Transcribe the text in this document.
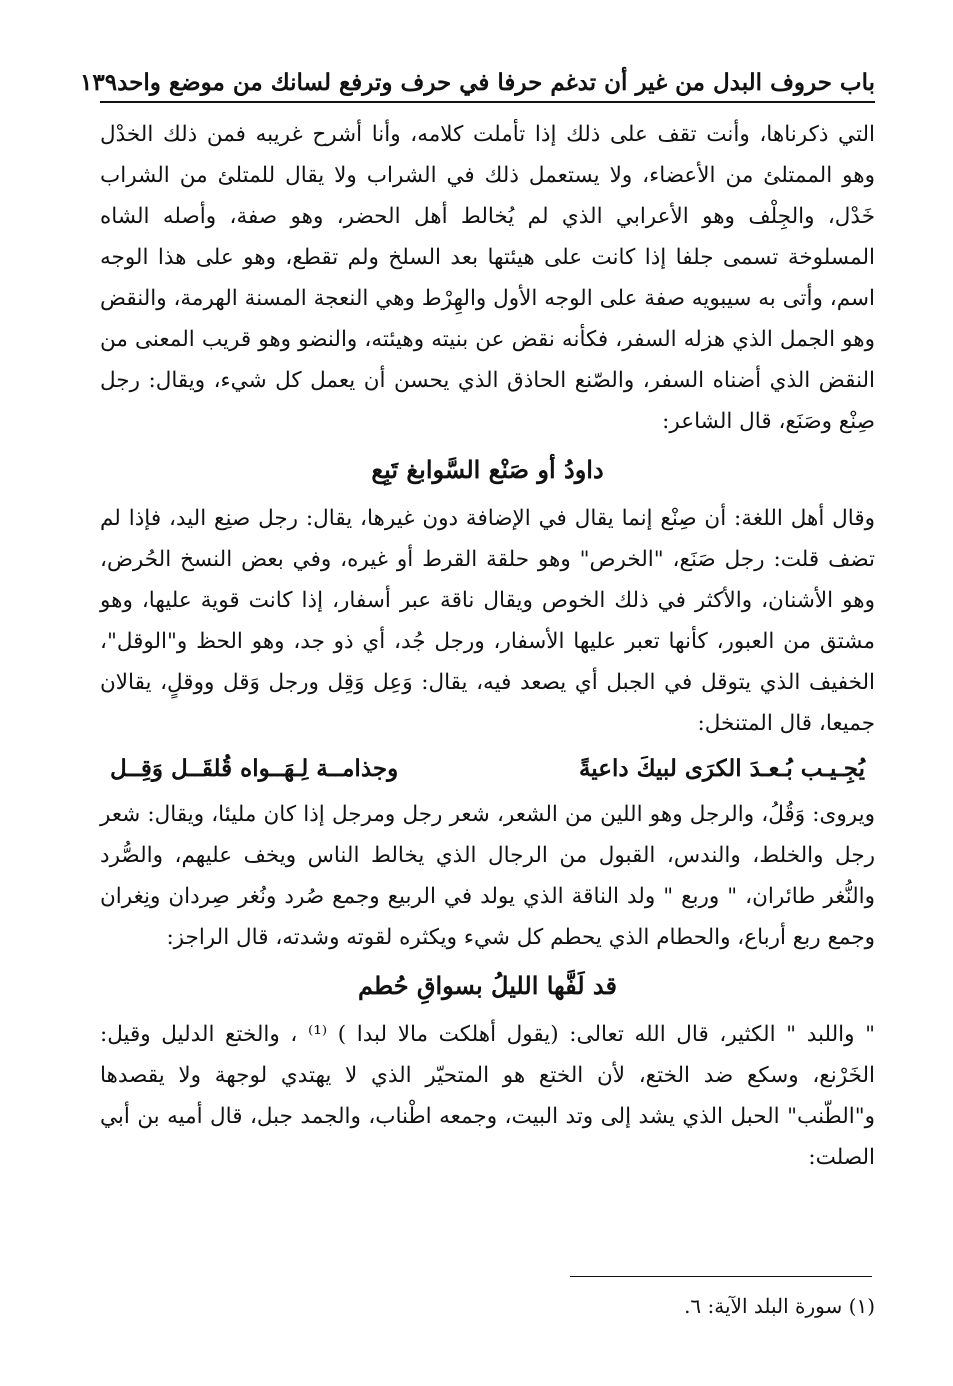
باب حروف البدل من غير أن تدغم حرفا في حرف وترفع لسانك من موضع واحد
١٣٩

التي ذكرناها، وأنت تقف على ذلك إذا تأملت كلامه، وأنا أشرح غريبه فمن ذلك الخدْل وهو الممتلئ من الأعضاء، ولا يستعمل ذلك في الشراب ولا يقال للمتلئ من الشراب خَدْل، والجِلْف وهو الأعرابي الذي لم يُخالط أهل الحضر، وهو صفة، وأصله الشاه المسلوخة تسمى جلفا إذا كانت على هيئتها بعد السلخ ولم تقطع، وهو على هذا الوجه اسم، وأتى به سيبويه صفة على الوجه الأول والهِرْط وهي النعجة المسنة الهرمة، والنقض وهو الجمل الذي هزله السفر، فكأنه نقض عن بنيته وهيئته، والنضو وهو قريب المعنى من النقض الذي أضناه السفر، والصّنع الحاذق الذي يحسن أن يعمل كل شيء، ويقال: رجل صِنْع وصَنَع، قال الشاعر:

داودُ أو صَنْع السَّوابغ تَبِع

وقال أهل اللغة: أن صِنْع إنما يقال في الإضافة دون غيرها، يقال: رجل صنِع اليد، فإذا لم تضف قلت: رجل صَنَع، "الخرص" وهو حلقة القرط أو غيره، وفي بعض النسخ الحُرض، وهو الأشنان، والأكثر في ذلك الخوص ويقال ناقة عبر أسفار، إذا كانت قوية عليها، وهو مشتق من العبور، كأنها تعبر عليها الأسفار، ورجل جُد، أي ذو جد، وهو الحظ و"الوقل"، الخفيف الذي يتوقل في الجبل أي يصعد فيه، يقال: وَعِل وَقِل ورجل وَقل ووقلٍ، يقالان جميعا، قال المتنخل:

يُجِـيـب بُـعـدَ الكرَى لبيكَ داعيةً
وجذامــة لِـهَــواه قُلقَــل وَقِــل

ويروى: وَقُلُ، والرجل وهو اللين من الشعر، شعر رجل ومرجل إذا كان مليئا، ويقال: شعر رجل والخلط، والندس، القبول من الرجال الذي يخالط الناس ويخف عليهم، والصُّرد والنُّغر طائران، " وربع " ولد الناقة الذي يولد في الربيع وجمع صُرد ونُغر صِردان ونِغران وجمع ربع أرباع، والحطام الذي يحطم كل شيء ويكثره لقوته وشدته، قال الراجز:

قد لَفَّها الليلُ بسواقِ حُطم

" واللبد " الكثير، قال الله تعالى: (يقول أهلكت مالا لبدا ) ⁽¹⁾ ، والختع الدليل وقيل: الخَرْنع، وسكع ضد الختع، لأن الختع هو المتحيّر الذي لا يهتدي لوجهة ولا يقصدها و"الطّنب" الحبل الذي يشد إلى وتد البيت، وجمعه اطْناب، والجمد جبل، قال أميه بن أبي الصلت:

(١) سورة البلد الآية: ٦.
